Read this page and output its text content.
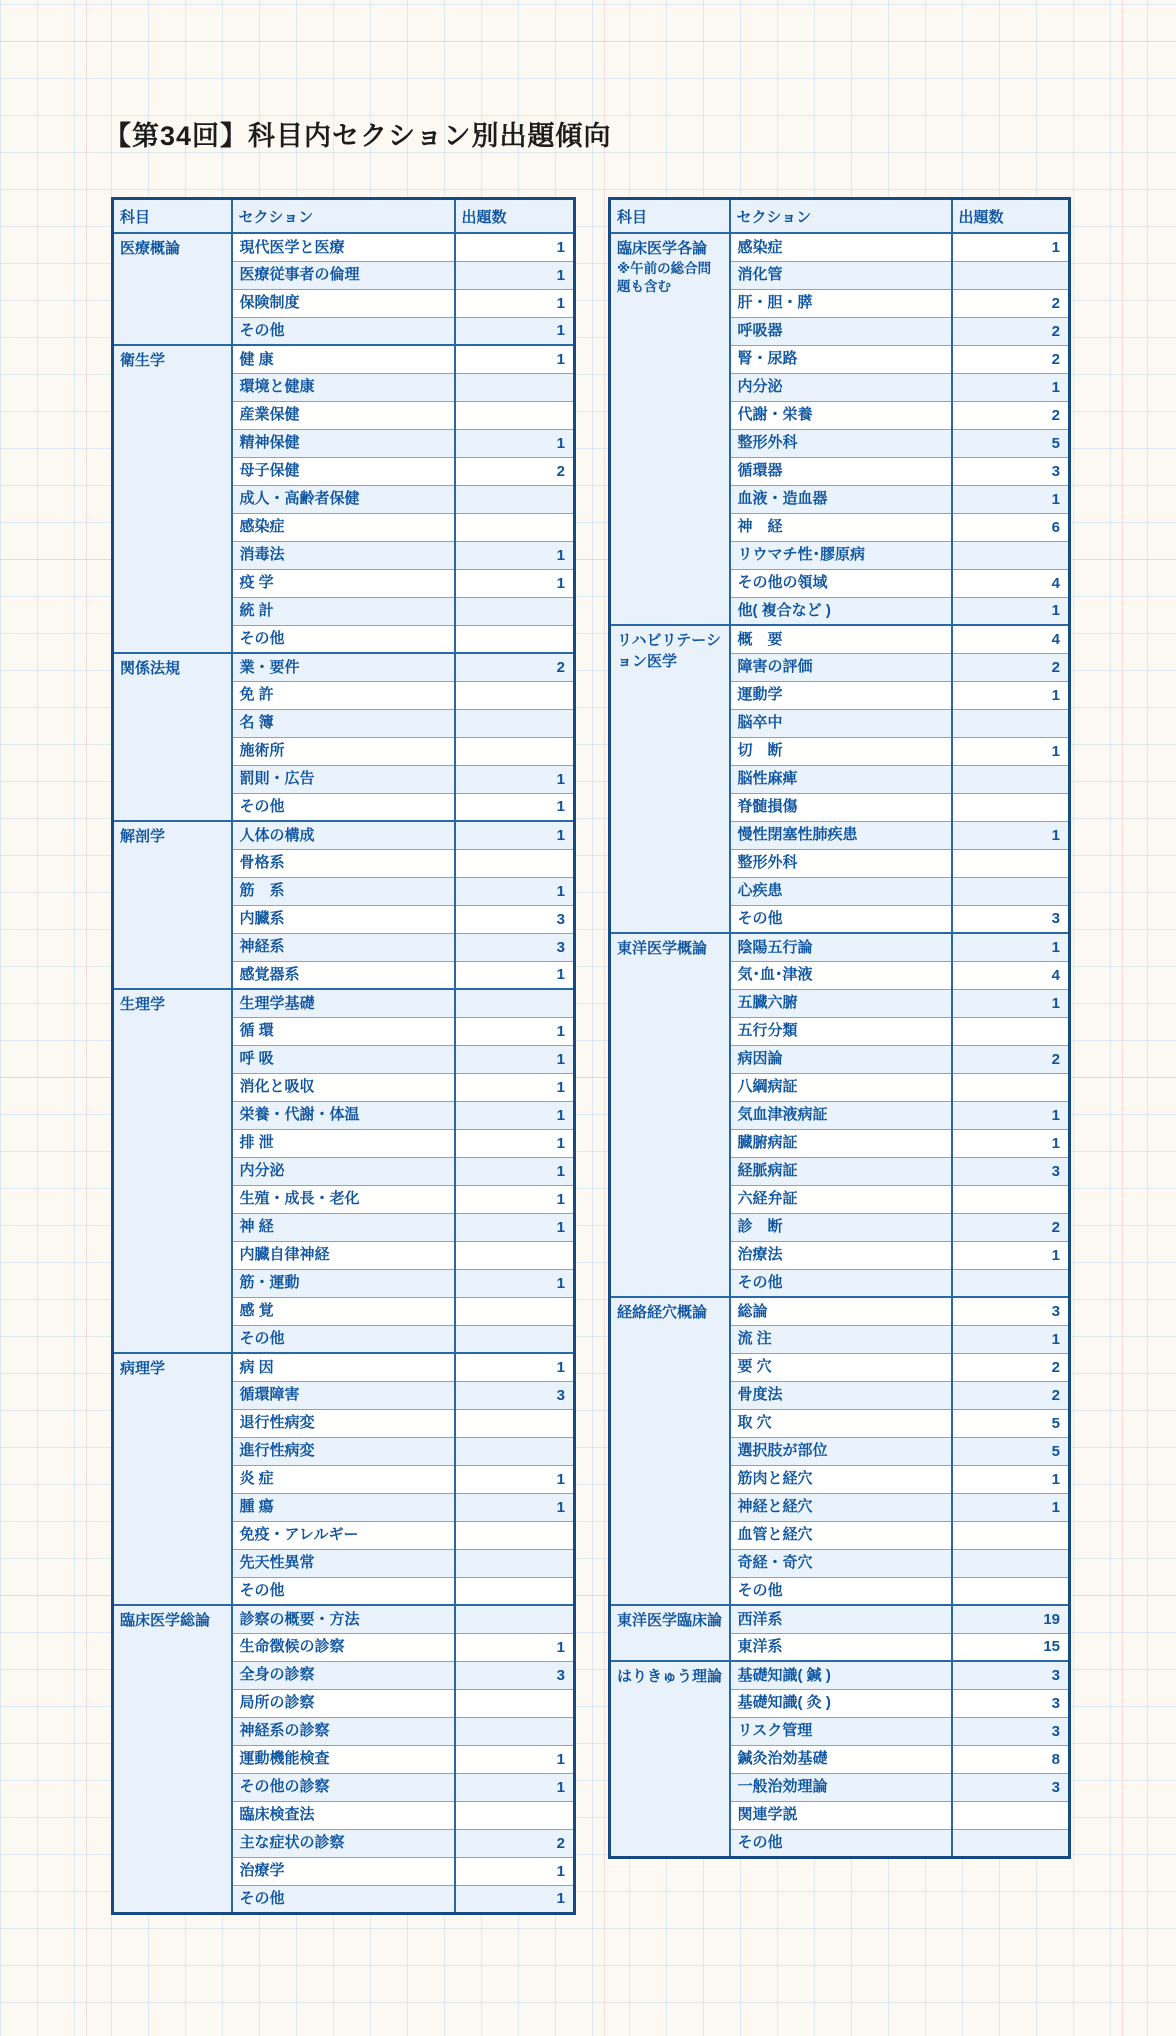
【第34回】科目内セクション別出題傾向
科目	セクション	出題数

医療概論	現代医学と医療	1
	医療従事者の倫理	1
	保険制度	1
	その他	1

衛生学	健 康	1
	環境と健康	
	産業保健	
	精神保健	1
	母子保健	2
	成人・高齢者保健	
	感染症	
	消毒法	1
	疫 学	1
	統 計	
	その他	

関係法規	業・要件	2
	免 許	
	名 簿	
	施術所	
	罰則・広告	1
	その他	1

解剖学	人体の構成	1
	骨格系	
	筋　系	1
	内臓系	3
	神経系	3
	感覚器系	1

生理学	生理学基礎	
	循 環	1
	呼 吸	1
	消化と吸収	1
	栄養・代謝・体温	1
	排 泄	1
	内分泌	1
	生殖・成長・老化	1
	神 経	1
	内臓自律神経	
	筋・運動	1
	感 覚	
	その他	

病理学	病 因	1
	循環障害	3
	退行性病変	
	進行性病変	
	炎 症	1
	腫 瘍	1
	免疫・アレルギー	
	先天性異常	
	その他	

臨床医学総論	診察の概要・方法	
	生命徴候の診察	1
	全身の診察	3
	局所の診察	
	神経系の診察	
	運動機能検査	1
	その他の診察	1
	臨床検査法	
	主な症状の診察	2
	治療学	1
	その他	1
科目	セクション	出題数

臨床医学各論
※午前の総合問題も含む	感染症	1
	消化管	
	肝・胆・膵	2
	呼吸器	2
	腎・尿路	2
	内分泌	1
	代謝・栄養	2
	整形外科	5
	循環器	3
	血液・造血器	1
	神　経	6
	リウマチ性･膠原病	
	その他の領域	4
	他( 複合など )	1

リハビリテーション医学	概　要	4
	障害の評価	2
	運動学	1
	脳卒中	
	切　断	1
	脳性麻痺	
	脊髄損傷	
	慢性閉塞性肺疾患	1
	整形外科	
	心疾患	
	その他	3

東洋医学概論	陰陽五行論	1
	気･血･津液	4
	五臓六腑	1
	五行分類	
	病因論	2
	八綱病証	
	気血津液病証	1
	臓腑病証	1
	経脈病証	3
	六経弁証	
	診　断	2
	治療法	1
	その他	

経絡経穴概論	総論	3
	流 注	1
	要 穴	2
	骨度法	2
	取 穴	5
	選択肢が部位	5
	筋肉と経穴	1
	神経と経穴	1
	血管と経穴	
	奇経・奇穴	
	その他	

東洋医学臨床論	西洋系	19
	東洋系	15

はりきゅう理論	基礎知識( 鍼 )	3
	基礎知識( 灸 )	3
	リスク管理	3
	鍼灸治効基礎	8
	一般治効理論	3
	関連学説	
	その他	
